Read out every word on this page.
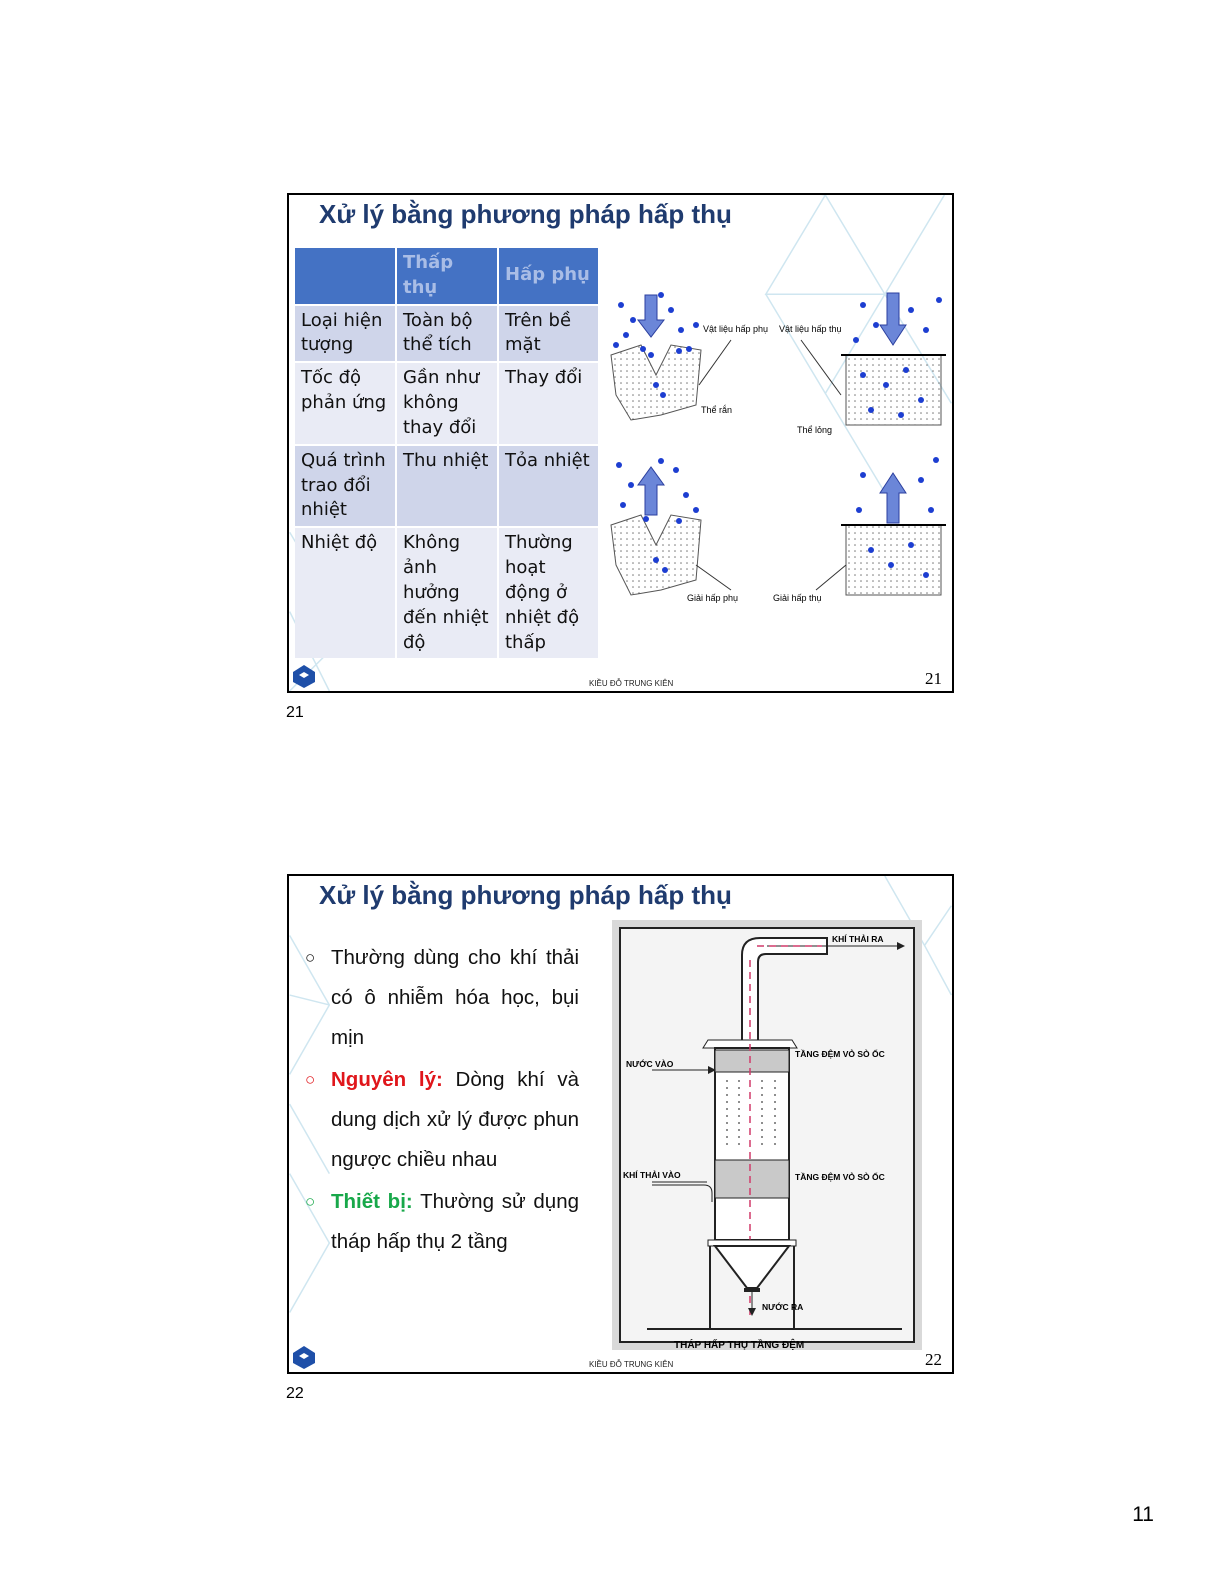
Xử lý bằng phương pháp hấp thụ
	Thấp thụ	Hấp phụ
Loại hiện tượng	Toàn bộ thể tích	Trên bề mặt
Tốc độ phản ứng	Gần như không thay đổi	Thay đổi
Quá trình trao đổi nhiệt	Thu nhiệt	Tỏa nhiệt
Nhiệt độ	Không ảnh hưởng đến nhiệt độ	Thường hoạt động ở nhiệt độ thấp
Vật liệu hấp phụ Vật liệu hấp thụ
Thể rắn
Thể lỏng
Giải hấp phụ	Giải hấp thụ
KIỀU ĐỖ TRUNG KIÊN	21
21
Xử lý bằng phương pháp hấp thụ
○ Thường dùng cho khí thải có ô nhiễm hóa học, bụi mịn
○ Nguyên lý: Dòng khí và dung dịch xử lý được phun ngược chiều nhau
○ Thiết bị: Thường sử dụng tháp hấp thụ 2 tầng
KHÍ THẢI RA
NƯỚC VÀO
TẦNG ĐỆM VỎ SÒ ỐC
TẦNG ĐỆM VỎ SÒ ỐC
KHÍ THẢI VÀO
NƯỚC RA
THÁP HẤP THỤ TẦNG ĐỆM
KIỀU ĐỖ TRUNG KIÊN	22
22
11
